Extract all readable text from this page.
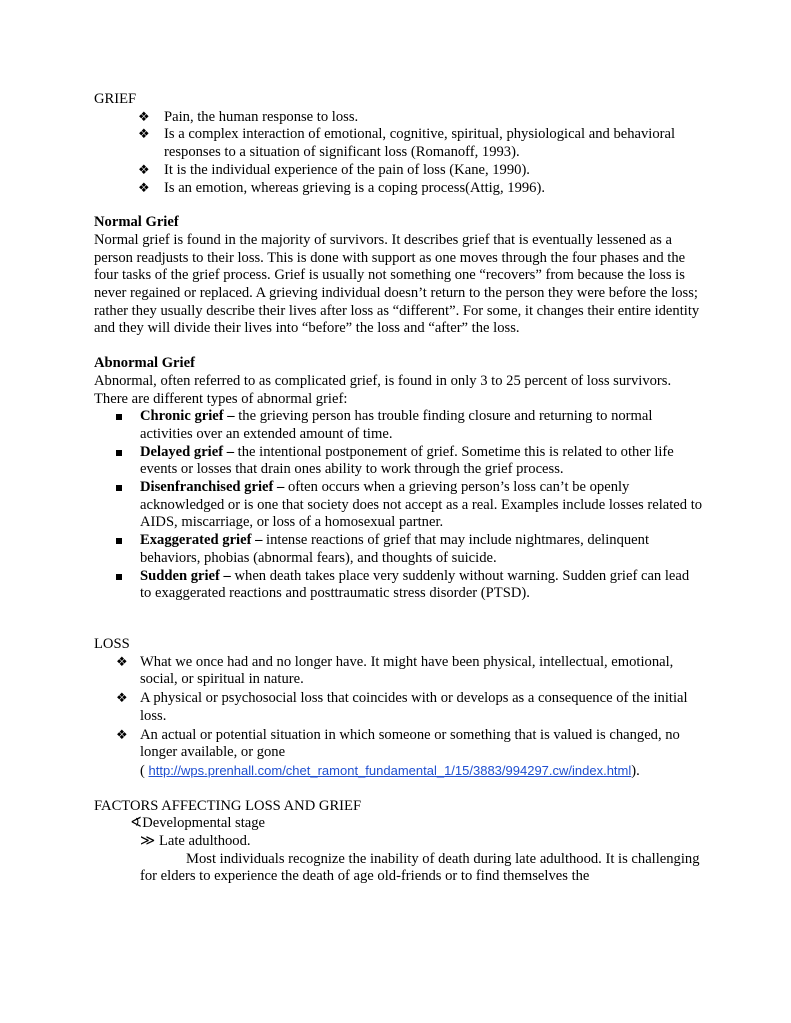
GRIEF

❖ Pain, the human response to loss.
❖ Is a complex interaction of emotional, cognitive, spiritual, physiological and behavioral responses to a situation of significant loss (Romanoff, 1993).
❖ It is the individual experience of the pain of loss (Kane, 1990).
❖ Is an emotion, whereas grieving is a coping process(Attig, 1996).

Normal Grief

Normal grief is found in the majority of survivors. It describes grief that is eventually lessened as a person readjusts to their loss. This is done with support as one moves through the four phases and the four tasks of the grief process. Grief is usually not something one “recovers” from because the loss is never regained or replaced. A grieving individual doesn’t return to the person they were before the loss; rather they usually describe their lives after loss as “different”. For some, it changes their entire identity and they will divide their lives into “before” the loss and “after” the loss.

Abnormal Grief

Abnormal, often referred to as complicated grief, is found in only 3 to 25 percent of loss survivors. There are different types of abnormal grief:

Chronic grief – the grieving person has trouble finding closure and returning to normal activities over an extended amount of time.
Delayed grief – the intentional postponement of grief. Sometime this is related to other life events or losses that drain ones ability to work through the grief process.
Disenfranchised grief – often occurs when a grieving person’s loss can’t be openly acknowledged or is one that society does not accept as a real. Examples include losses related to AIDS, miscarriage, or loss of a homosexual partner.
Exaggerated grief – intense reactions of grief that may include nightmares, delinquent behaviors, phobias (abnormal fears), and thoughts of suicide.
Sudden grief – when death takes place very suddenly without warning. Sudden grief can lead to exaggerated reactions and posttraumatic stress disorder (PTSD).

LOSS

❖ What we once had and no longer have. It might have been physical, intellectual, emotional, social, or spiritual in nature.
❖ A physical or psychosocial loss that coincides with or develops as a consequence of the initial loss.
❖ An actual or potential situation in which someone or something that is valued is changed, no longer available, or gone

( http://wps.prenhall.com/chet_ramont_fundamental_1/15/3883/994297.cw/index.html).

FACTORS AFFECTING LOSS AND GRIEF

∢Developmental stage

≫ Late adulthood.

Most individuals recognize the inability of death during late adulthood. It is challenging for elders to experience the death of age old-friends or to find themselves the
